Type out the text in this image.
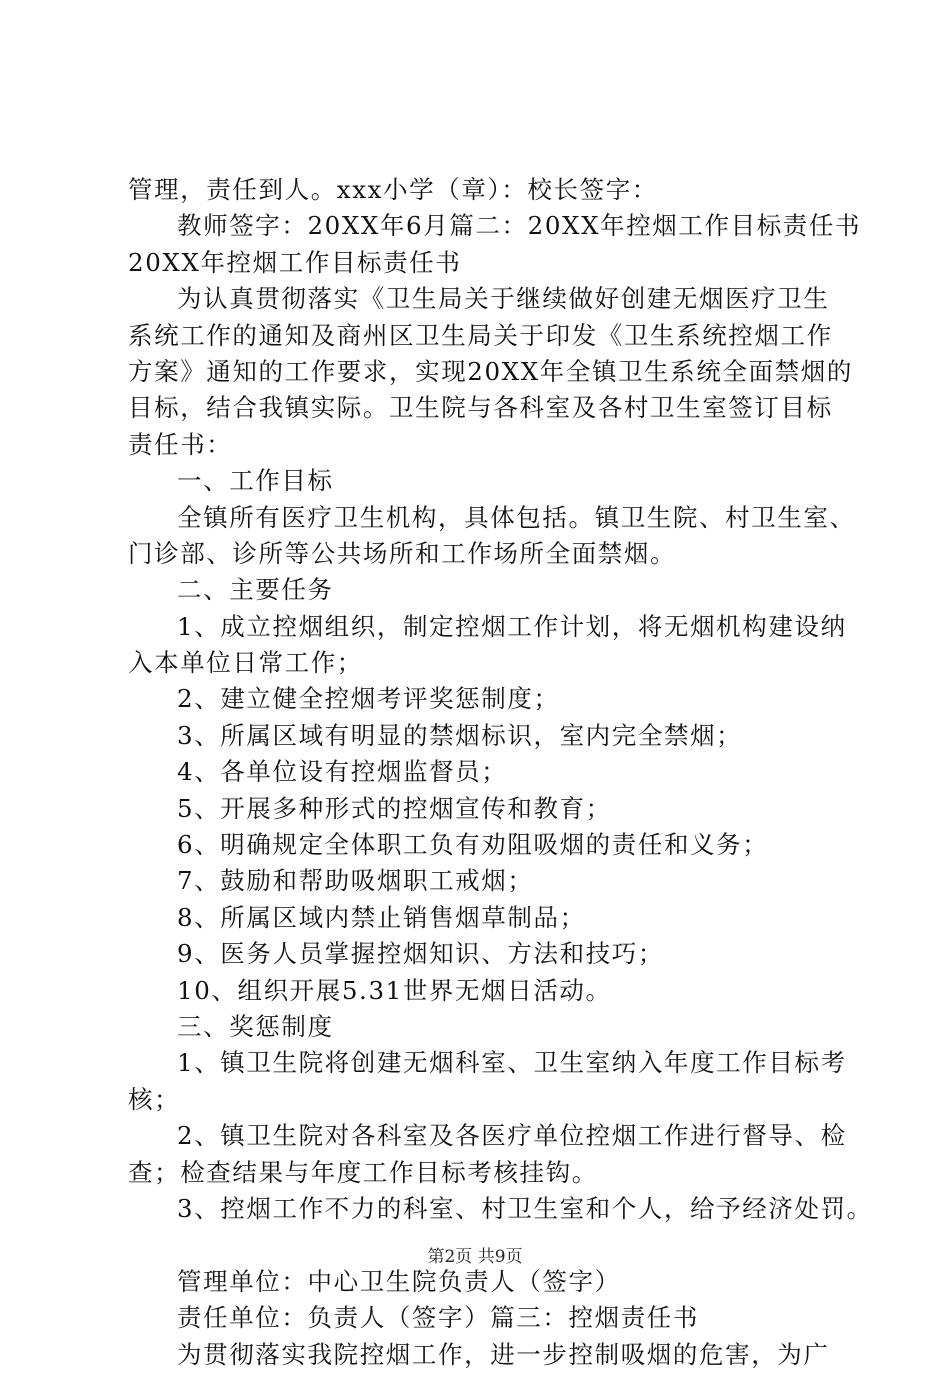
管理，责任到人。xxx小学（章）：校长签字：
教师签字：20XX年6月篇二：20XX年控烟工作目标责任书
20XX年控烟工作目标责任书
为认真贯彻落实《卫生局关于继续做好创建无烟医疗卫生
系统工作的通知及商州区卫生局关于印发《卫生系统控烟工作
方案》通知的工作要求，实现20XX年全镇卫生系统全面禁烟的
目标，结合我镇实际。卫生院与各科室及各村卫生室签订目标
责任书：
一、工作目标
全镇所有医疗卫生机构，具体包括。镇卫生院、村卫生室、
门诊部、诊所等公共场所和工作场所全面禁烟。
二、主要任务
1、成立控烟组织，制定控烟工作计划，将无烟机构建设纳
入本单位日常工作；
2、建立健全控烟考评奖惩制度；
3、所属区域有明显的禁烟标识，室内完全禁烟；
4、各单位设有控烟监督员；
5、开展多种形式的控烟宣传和教育；
6、明确规定全体职工负有劝阻吸烟的责任和义务；
7、鼓励和帮助吸烟职工戒烟；
8、所属区域内禁止销售烟草制品；
9、医务人员掌握控烟知识、方法和技巧；
10、组织开展5.31世界无烟日活动。
三、奖惩制度
1、镇卫生院将创建无烟科室、卫生室纳入年度工作目标考
核；
2、镇卫生院对各科室及各医疗单位控烟工作进行督导、检
查；检查结果与年度工作目标考核挂钩。
3、控烟工作不力的科室、村卫生室和个人，给予经济处罚。
管理单位：中心卫生院负责人（签字）
责任单位：负责人（签字）篇三：控烟责任书
为贯彻落实我院控烟工作，进一步控制吸烟的危害，为广
第2页 共9页
